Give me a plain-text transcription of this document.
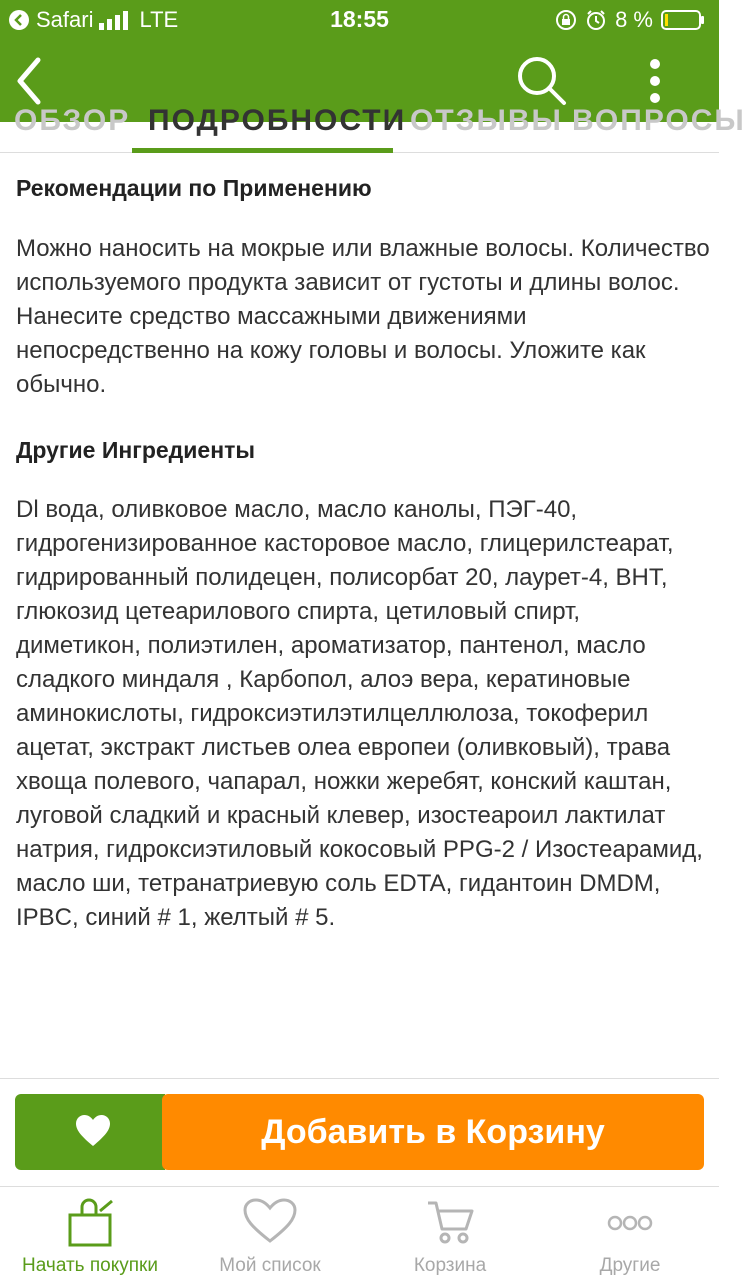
Safari LTE	18:55	8 %
ОБЗОР ПОДРОБНОСТИ ОТЗЫВЫ ВОПРОСЫ
Рекомендации по Применению

Можно наносить на мокрые или влажные волосы. Количество используемого продукта зависит от густоты и длины волос. Нанесите средство массажными движениями непосредственно на кожу головы и волосы. Уложите как обычно.

Другие Ингредиенты

Dl вода, оливковое масло, масло канолы, ПЭГ-40, гидрогенизированное касторовое масло, глицерилстеарат, гидрированный полидецен, полисорбат 20, лаурет-4, BHT, глюкозид цетеарилового спирта, цетиловый спирт, диметикон, полиэтилен, ароматизатор, пантенол, масло сладкого миндаля , Карбопол, алоэ вера, кератиновые аминокислоты, гидроксиэтилэтилцеллюлоза, токоферил ацетат, экстракт листьев олеа европеи (оливковый), трава хвоща полевого, чапарал, ножки жеребят, конский каштан, луговой сладкий и красный клевер, изостеароил лактилат натрия, гидроксиэтиловый кокосовый PPG-2 / Изостеарамид, масло ши, тетранатриевую соль EDTA, гидантоин DMDM, IPBC, синий # 1, желтый # 5.

Добавить в Корзину
Начать покупки	Мой список	Корзина	Другие
